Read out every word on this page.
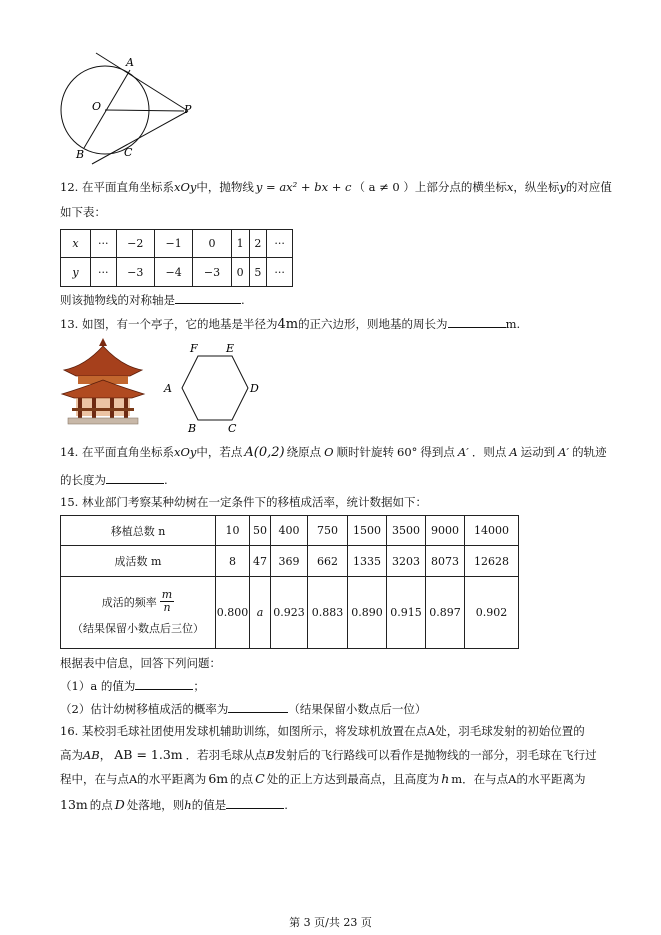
A
O	P
B	C
12. 在平面直角坐标系xOy中，抛物线 y = ax² + bx + c （ a ≠ 0 ）上部分点的横坐标x，纵坐标y的对应值
如下表：
x	···	−2	−1	0	1	2	···
y	···	−3	−4	−3	0	5	···
则该抛物线的对称轴是	.
13. 如图，有一个亭子，它的地基是半径为4m的正六边形，则地基的周长为	m.
F	E
A	D
B	C
14. 在平面直角坐标系xOy中，若点 A(0,2) 绕原点 O 顺时针旋转 60° 得到点 A′ ．则点 A 运动到 A′ 的轨迹
的长度为	.
15. 林业部门考察某种幼树在一定条件下的移植成活率，统计数据如下：
移植总数 n	10	50	400	750	1500	3500	9000	14000
成活数 m	8	47	369	662	1335	3203	8073	12628

成活的频率
m
n
（结果保留小数点后三位）	0.800	a	0.923	0.883	0.890	0.915	0.897	0.902
根据表中信息，回答下列问题：
（1）a 的值为	；
（2）估计幼树移植成活的概率为	（结果保留小数点后一位）
16. 某校羽毛球社团使用发球机辅助训练，如图所示，将发球机放置在点A处，羽毛球发射的初始位置的
高为AB， AB = 1.3m ．若羽毛球从点B发射后的飞行路线可以看作是抛物线的一部分，羽毛球在飞行过
程中，在与点A的水平距离为 6m 的点 C 处的正上方达到最高点，且高度为 h m．在与点A的水平距离为
13m 的点 D 处落地，则h的值是	.
第 3 页/共 23 页
